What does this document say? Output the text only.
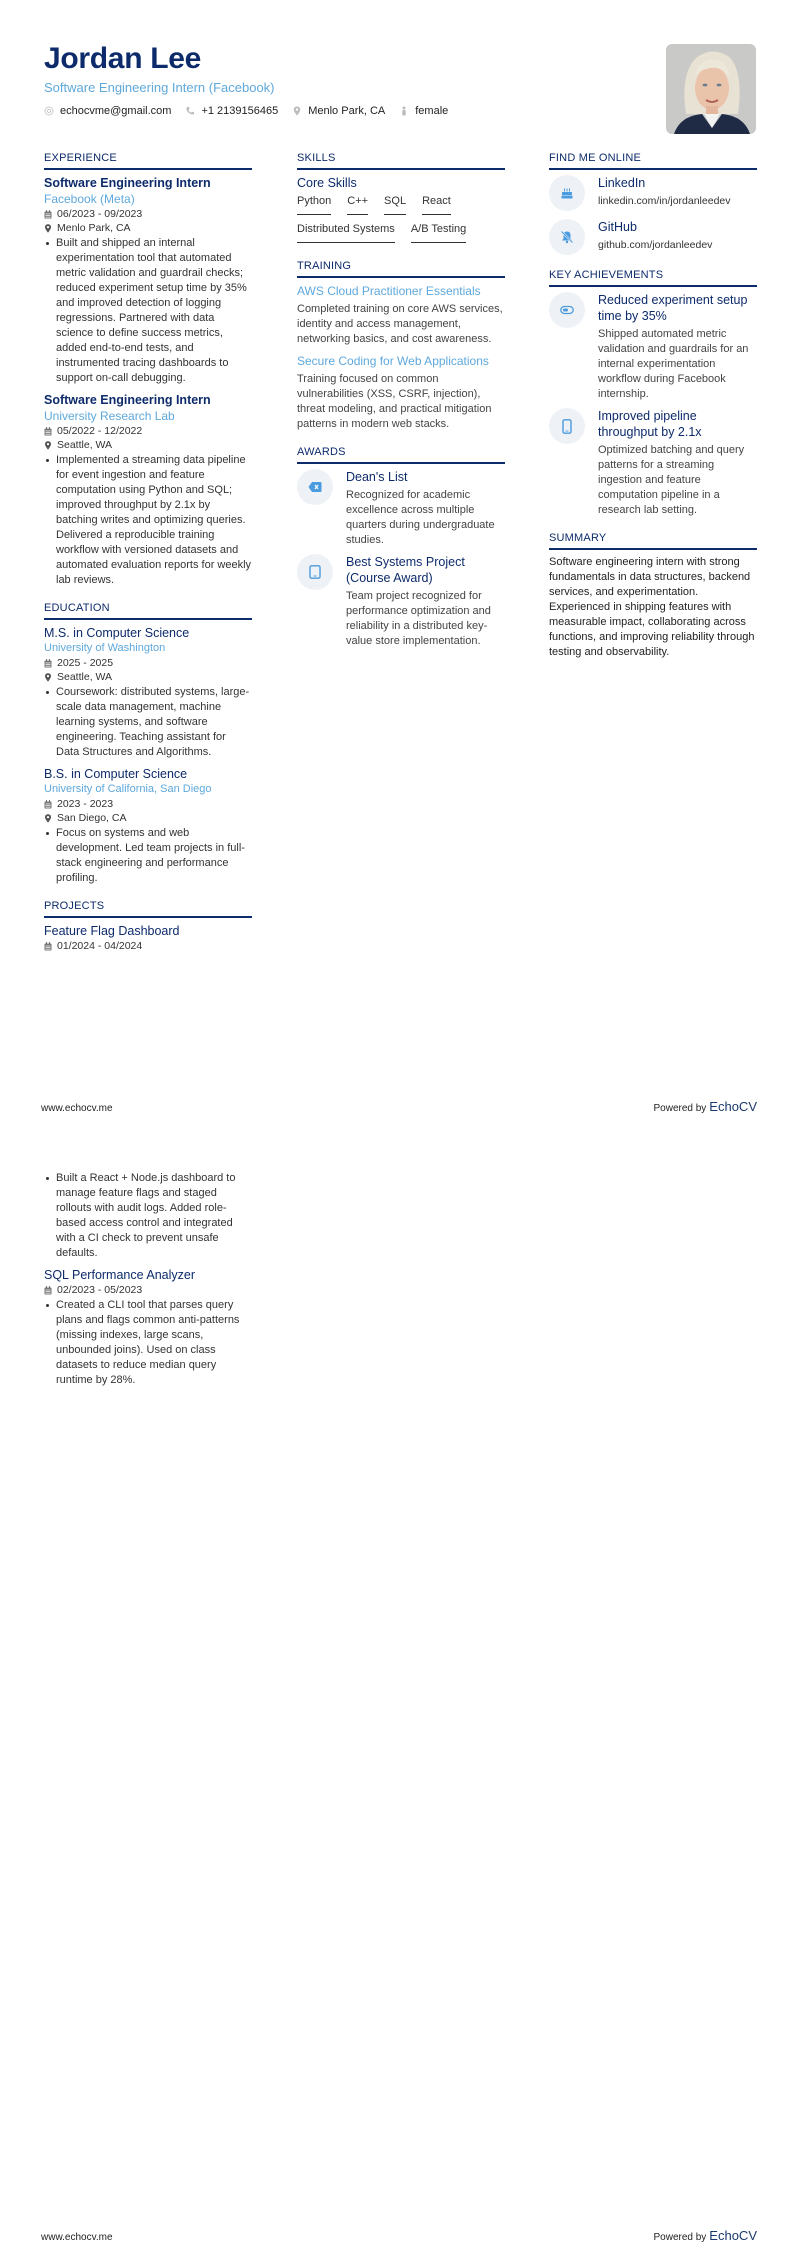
Jordan Lee
Software Engineering Intern (Facebook)
echocvme@gmail.com	+1 2139156465	Menlo Park, CA	female
EXPERIENCE
Software Engineering Intern
Facebook (Meta)
06/2023 - 09/2023
Menlo Park, CA
Built and shipped an internal experimentation tool that automated metric validation and guardrail checks; reduced experiment setup time by 35% and improved detection of logging regressions. Partnered with data science to define success metrics, added end-to-end tests, and instrumented tracing dashboards to support on-call debugging.
Software Engineering Intern
University Research Lab
05/2022 - 12/2022
Seattle, WA
Implemented a streaming data pipeline for event ingestion and feature computation using Python and SQL; improved throughput by 2.1x by batching writes and optimizing queries. Delivered a reproducible training workflow with versioned datasets and automated evaluation reports for weekly lab reviews.
EDUCATION
M.S. in Computer Science
University of Washington
2025 - 2025
Seattle, WA
Coursework: distributed systems, large-scale data management, machine learning systems, and software engineering. Teaching assistant for Data Structures and Algorithms.
B.S. in Computer Science
University of California, San Diego
2023 - 2023
San Diego, CA
Focus on systems and web development. Led team projects in full-stack engineering and performance profiling.
PROJECTS
Feature Flag Dashboard
01/2024 - 04/2024
SKILLS
Core Skills
Python C++ SQL React
Distributed Systems A/B Testing
TRAINING
AWS Cloud Practitioner Essentials
Completed training on core AWS services, identity and access management, networking basics, and cost awareness.
Secure Coding for Web Applications
Training focused on common vulnerabilities (XSS, CSRF, injection), threat modeling, and practical mitigation patterns in modern web stacks.
AWARDS
Dean's List
Recognized for academic excellence across multiple quarters during undergraduate studies.
Best Systems Project (Course Award)
Team project recognized for performance optimization and reliability in a distributed key-value store implementation.
FIND ME ONLINE
LinkedIn
linkedin.com/in/jordanleedev
GitHub
github.com/jordanleedev
KEY ACHIEVEMENTS
Reduced experiment setup time by 35%
Shipped automated metric validation and guardrails for an internal experimentation workflow during Facebook internship.
Improved pipeline throughput by 2.1x
Optimized batching and query patterns for a streaming ingestion and feature computation pipeline in a research lab setting.
SUMMARY
Software engineering intern with strong fundamentals in data structures, backend services, and experimentation. Experienced in shipping features with measurable impact, collaborating across functions, and improving reliability through testing and observability.
www.echocv.me	Powered by EchoCV
Built a React + Node.js dashboard to manage feature flags and staged rollouts with audit logs. Added role-based access control and integrated with a CI check to prevent unsafe defaults.
SQL Performance Analyzer
02/2023 - 05/2023
Created a CLI tool that parses query plans and flags common anti-patterns (missing indexes, large scans, unbounded joins). Used on class datasets to reduce median query runtime by 28%.
www.echocv.me	Powered by EchoCV
